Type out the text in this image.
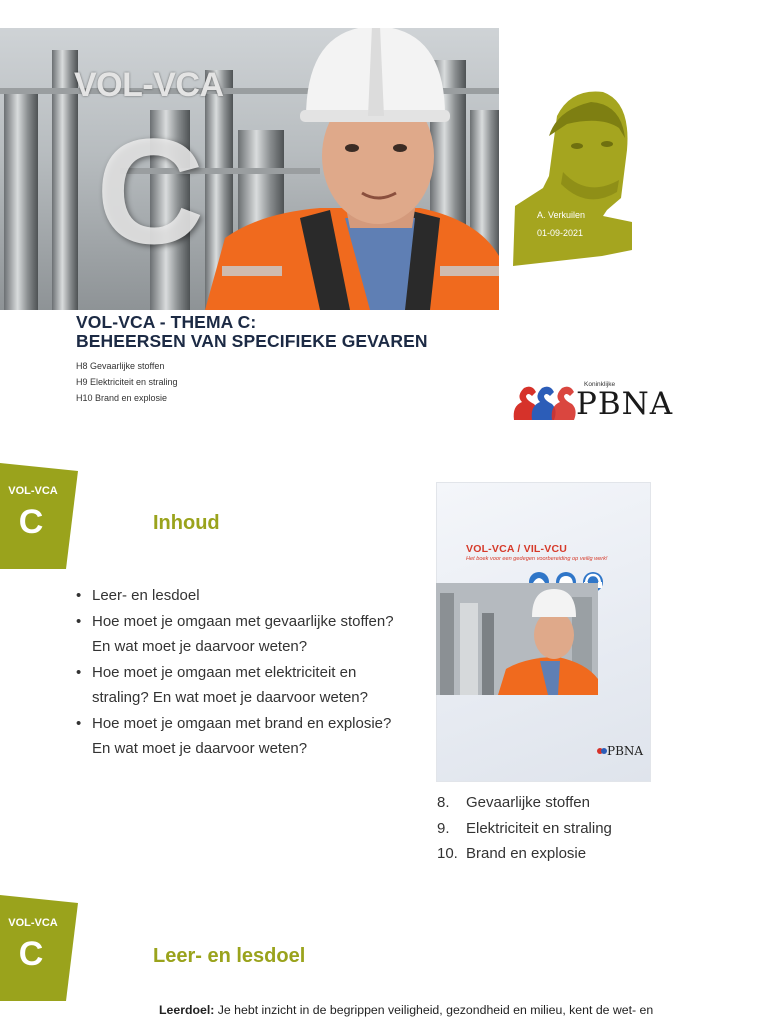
VOL-VCA
C	A. Verkuilen
01-09-2021
VOL-VCA - THEMA C:
BEHEERSEN VAN SPECIFIEKE GEVAREN
H8 Gevaarlijke stoffen
H9 Elektriciteit en straling
H10 Brand en explosie
Koninklijke
PBNA
VOL-VCA
C	Inhoud
• Leer- en lesdoel
• Hoe moet je omgaan met gevaarlijke stoffen? En wat moet je daarvoor weten?
• Hoe moet je omgaan met elektriciteit en straling? En wat moet je daarvoor weten?
• Hoe moet je omgaan met brand en explosie? En wat moet je daarvoor weten?
VOL-VCA / VIL-VCU
Het boek voor een gedegen voorbereiding op veilig werk!
PBNA
8. Gevaarlijke stoffen
9. Elektriciteit en straling
10. Brand en explosie
VOL-VCA
C	Leer- en lesdoel
Leerdoel: Je hebt inzicht in de begrippen veiligheid, gezondheid en milieu, kent de wet- en
